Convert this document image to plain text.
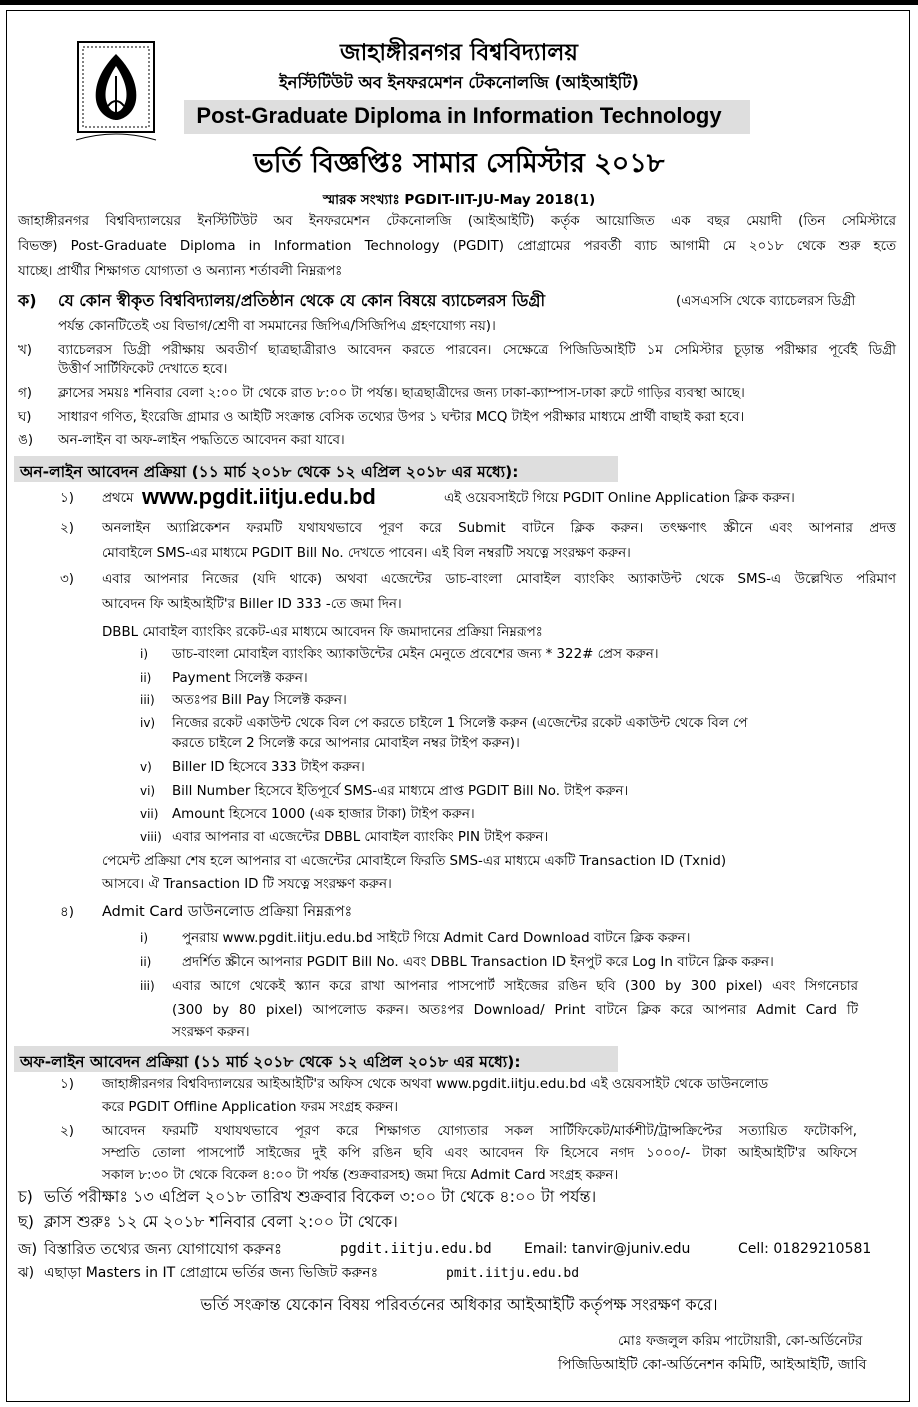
জাহাঙ্গীরনগর বিশ্ববিদ্যালয়
ইনস্টিটিউট অব ইনফরমেশন টেকনোলজি (আইআইটি)
Post-Graduate Diploma in Information Technology
ভর্তি বিজ্ঞপ্তিঃ সামার সেমিস্টার ২০১৮
স্মারক সংখ্যাঃ PGDIT-IIT-JU-May 2018(1)
জাহাঙ্গীরনগর বিশ্ববিদ্যালয়ের ইনস্টিটিউট অব ইনফরমেশন টেকনোলজি (আইআইটি) কর্তৃক আয়োজিত এক বছর মেয়াদী (তিন সেমিস্টারে
বিভক্ত) Post-Graduate Diploma in Information Technology (PGDIT) প্রোগ্রামের পরবর্তী ব্যাচ আগামী মে ২০১৮ থেকে শুরু হতে
যাচ্ছে। প্রার্থীর শিক্ষাগত যোগ্যতা ও অন্যান্য শর্তাবলী নিম্নরূপঃ
ক) যে কোন স্বীকৃত বিশ্ববিদ্যালয়/প্রতিষ্ঠান থেকে যে কোন বিষয়ে ব্যাচেলরস ডিগ্রী	(এসএসসি থেকে ব্যাচেলরস ডিগ্রী
পর্যন্ত কোনটিতেই ৩য় বিভাগ/শ্রেণী বা সমমানের জিপিএ/সিজিপিএ গ্রহণযোগ্য নয়)।
খ) ব্যাচেলরস ডিগ্রী পরীক্ষায় অবতীর্ণ ছাত্রছাত্রীরাও আবেদন করতে পারবেন। সেক্ষেত্রে পিজিডিআইটি ১ম সেমিস্টার চূড়ান্ত পরীক্ষার পূর্বেই ডিগ্রী
উত্তীর্ণ সার্টিফিকেট দেখাতে হবে।
গ) ক্লাসের সময়ঃ শনিবার বেলা ২:০০ টা থেকে রাত ৮:০০ টা পর্যন্ত। ছাত্রছাত্রীদের জন্য ঢাকা-ক্যাম্পাস-ঢাকা রুটে গাড়ির ব্যবস্থা আছে।
ঘ) সাধারণ গণিত, ইংরেজি গ্রামার ও আইটি সংক্রান্ত বেসিক তথ্যের উপর ১ ঘন্টার MCQ টাইপ পরীক্ষার মাধ্যমে প্রার্থী বাছাই করা হবে।
ঙ) অন-লাইন বা অফ-লাইন পদ্ধতিতে আবেদন করা যাবে।
অন-লাইন আবেদন প্রক্রিয়া (১১ মার্চ ২০১৮ থেকে ১২ এপ্রিল ২০১৮ এর মধ্যে):
১) প্রথমে www.pgdit.iitju.edu.bd	এই ওয়েবসাইটে গিয়ে PGDIT Online Application ক্লিক করুন।
২) অনলাইন অ্যাপ্লিকেশন ফরমটি যথাযথভাবে পূরণ করে Submit বাটনে ক্লিক করুন। তৎক্ষণাৎ স্ক্রীনে এবং আপনার প্রদত্ত
মোবাইলে SMS-এর মাধ্যমে PGDIT Bill No. দেখতে পাবেন। এই বিল নম্বরটি সযত্নে সংরক্ষণ করুন।
৩) এবার আপনার নিজের (যদি থাকে) অথবা এজেন্টের ডাচ-বাংলা মোবাইল ব্যাংকিং অ্যাকাউন্ট থেকে SMS-এ উল্লেখিত পরিমাণ
আবেদন ফি আইআইটি'র Biller ID 333 -তে জমা দিন।
DBBL মোবাইল ব্যাংকিং রকেট-এর মাধ্যমে আবেদন ফি জমাদানের প্রক্রিয়া নিম্নরূপঃ
i) ডাচ-বাংলা মোবাইল ব্যাংকিং অ্যাকাউন্টের মেইন মেনুতে প্রবেশের জন্য * 322# প্রেস করুন।
ii) Payment সিলেক্ট করুন।
iii) অতঃপর Bill Pay সিলেক্ট করুন।
iv) নিজের রকেট একাউন্ট থেকে বিল পে করতে চাইলে 1 সিলেক্ট করুন (এজেন্টের রকেট একাউন্ট থেকে বিল পে
করতে চাইলে 2 সিলেক্ট করে আপনার মোবাইল নম্বর টাইপ করুন)।
v) Biller ID হিসেবে 333 টাইপ করুন।
vi) Bill Number হিসেবে ইতিপূর্বে SMS-এর মাধ্যমে প্রাপ্ত PGDIT Bill No. টাইপ করুন।
vii) Amount হিসেবে 1000 (এক হাজার টাকা) টাইপ করুন।
viii) এবার আপনার বা এজেন্টের DBBL মোবাইল ব্যাংকিং PIN টাইপ করুন।
পেমেন্ট প্রক্রিয়া শেষ হলে আপনার বা এজেন্টের মোবাইলে ফিরতি SMS-এর মাধ্যমে একটি Transaction ID (Txnid)
আসবে। ঐ Transaction ID টি সযত্নে সংরক্ষণ করুন।
৪) Admit Card ডাউনলোড প্রক্রিয়া নিম্নরূপঃ
i)	পুনরায় www.pgdit.iitju.edu.bd সাইটে গিয়ে Admit Card Download বাটনে ক্লিক করুন।
ii) প্রদর্শিত স্ক্রীনে আপনার PGDIT Bill No. এবং DBBL Transaction ID ইনপুট করে Log In বাটনে ক্লিক করুন।
iii) এবার আগে থেকেই স্ক্যান করে রাখা আপনার পাসপোর্ট সাইজের রঙিন ছবি (300 by 300 pixel) এবং সিগনেচার
(300 by 80 pixel) আপলোড করুন। অতঃপর Download/ Print বাটনে ক্লিক করে আপনার Admit Card টি
সংরক্ষণ করুন।
অফ-লাইন আবেদন প্রক্রিয়া (১১ মার্চ ২০১৮ থেকে ১২ এপ্রিল ২০১৮ এর মধ্যে):
১) জাহাঙ্গীরনগর বিশ্ববিদ্যালয়ের আইআইটি'র অফিস থেকে অথবা www.pgdit.iitju.edu.bd এই ওয়েবসাইট থেকে ডাউনলোড
করে PGDIT Offline Application ফরম সংগ্রহ করুন।
২) আবেদন ফরমটি যথাযথভাবে পূরণ করে শিক্ষাগত যোগ্যতার সকল সার্টিফিকেট/মার্কশীট/ট্রান্সক্রিপ্টের সত্যায়িত ফটোকপি,
সম্প্রতি তোলা পাসপোর্ট সাইজের দুই কপি রঙিন ছবি এবং আবেদন ফি হিসেবে নগদ ১০০০/- টাকা আইআইটি'র অফিসে
সকাল ৮:৩০ টা থেকে বিকেল ৪:০০ টা পর্যন্ত (শুক্রবারসহ) জমা দিয়ে Admit Card সংগ্রহ করুন।
চ) ভর্তি পরীক্ষাঃ ১৩ এপ্রিল ২০১৮ তারিখ শুক্রবার বিকেল ৩:০০ টা থেকে ৪:০০ টা পর্যন্ত।
ছ) ক্লাস শুরুঃ ১২ মে ২০১৮ শনিবার বেলা ২:০০ টা থেকে।
জ) বিস্তারিত তথ্যের জন্য যোগাযোগ করুনঃ	pgdit.iitju.edu.bd Email: tanvir@juniv.edu	Cell: 01829210581
ঝ) এছাড়া Masters in IT প্রোগ্রামে ভর্তির জন্য ভিজিট করুনঃ	pmit.iitju.edu.bd
ভর্তি সংক্রান্ত যেকোন বিষয় পরিবর্তনের অধিকার আইআইটি কর্তৃপক্ষ সংরক্ষণ করে।
মোঃ ফজলুল করিম পাটোয়ারী, কো-অর্ডিনেটর
পিজিডিআইটি কো-অর্ডিনেশন কমিটি, আইআইটি, জাবি
